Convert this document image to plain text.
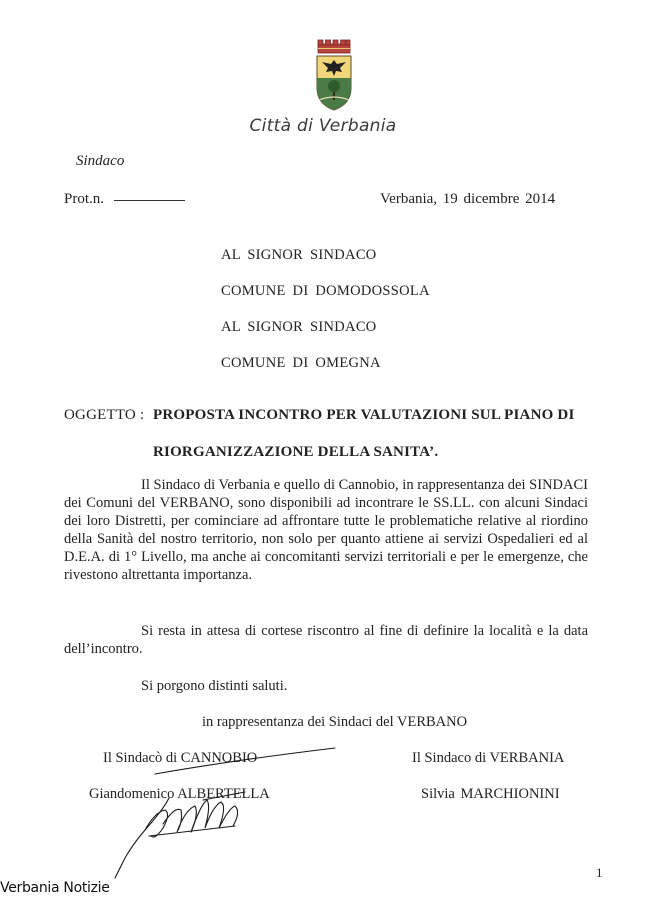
Città di Verbania
Sindaco
Prot.n.	Verbania, 19 dicembre 2014
AL SIGNOR SINDACO
COMUNE DI DOMODOSSOLA
AL SIGNOR SINDACO
COMUNE DI OMEGNA
OGGETTO : PROPOSTA INCONTRO PER VALUTAZIONI SUL PIANO DI
RIORGANIZZAZIONE DELLA SANITA’.
Il Sindaco di Verbania e quello di Cannobio, in rappresentanza dei SINDACI dei Comuni del VERBANO, sono disponibili ad incontrare le SS.LL. con alcuni Sindaci dei loro Distretti, per cominciare ad affrontare tutte le problematiche relative al riordino della Sanità del nostro territorio, non solo per quanto attiene ai servizi Ospedalieri ed al D.E.A. di 1° Livello, ma anche ai concomitanti servizi territoriali e per le emergenze, che rivestono altrettanta importanza.
Si resta in attesa di cortese riscontro al fine di definire la località e la data dell’incontro.
Si porgono distinti saluti.
in rappresentanza dei Sindaci del VERBANO
Il Sindacò di CANNOBIO
Giandomenico ALBERTELLA
Il Sindaco di VERBANIA
Silvia MARCHIONINI
1
Verbania Notizie
